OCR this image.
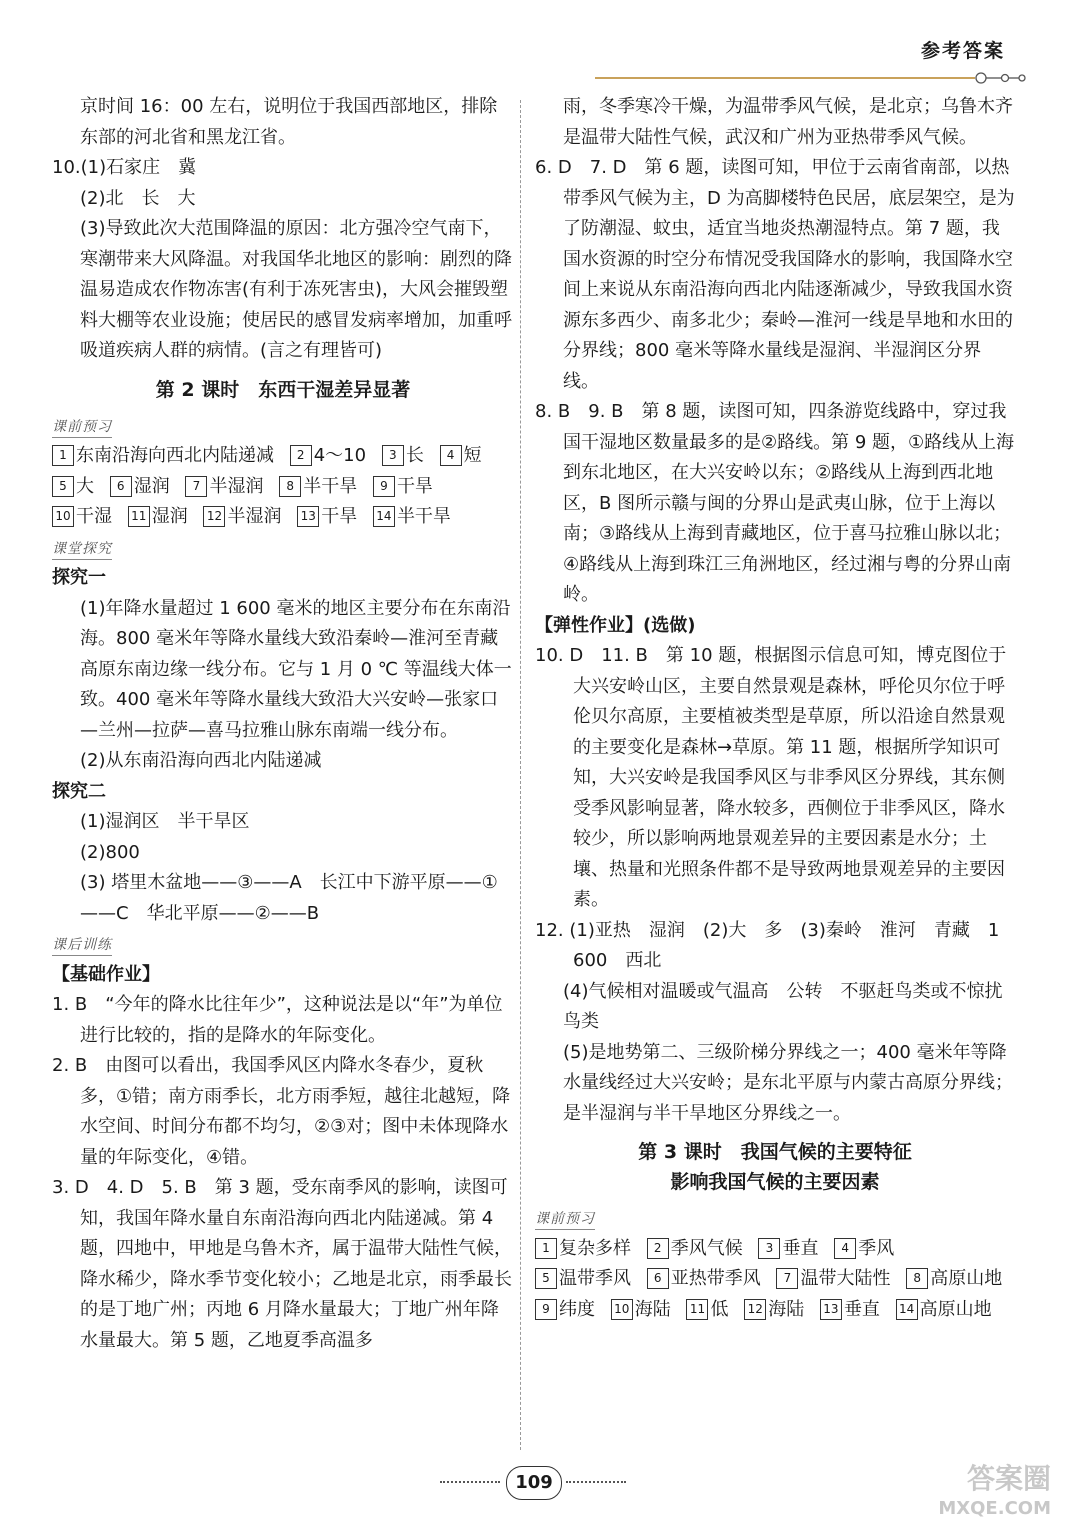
参考答案

京时间 16：00 左右，说明位于我国西部地区，排除

东部的河北省和黑龙江省。

10.(1)石家庄　冀

(2)北　长　大

(3)导致此次大范围降温的原因：北方强冷空气南下，寒潮带来大风降温。对我国华北地区的影响：剧烈的降温易造成农作物冻害(有利于冻死害虫)，大风会摧毁塑料大棚等农业设施；使居民的感冒发病率增加，加重呼吸道疾病人群的病情。(言之有理皆可)

第 2 课时　东西干湿差异显著
课前预习
1 东南沿海向西北内陆递减 2 4～10 3 长 4 短 5 大 6 湿润 7 半湿润 8 半干旱 9 干旱 10 干湿 11 湿润 12 半湿润 13 干旱 14 半干旱
课堂探究

探究一

(1)年降水量超过 1 600 毫米的地区主要分布在东南沿海。800 毫米年等降水量线大致沿秦岭—淮河至青藏高原东南边缘一线分布。它与 1 月 0 ℃ 等温线大体一致。400 毫米年等降水量线大致沿大兴安岭—张家口—兰州—拉萨—喜马拉雅山脉东南端一线分布。

(2)从东南沿海向西北内陆递减

探究二

(1)湿润区　半干旱区

(2)800

(3) 塔里木盆地——③——A　长江中下游平原——①——C　华北平原——②——B

课后训练

【基础作业】

1. B　“今年的降水比往年少”，这种说法是以“年”为单位进行比较的，指的是降水的年际变化。

2. B　由图可以看出，我国季风区内降水冬春少，夏秋多，①错；南方雨季长，北方雨季短，越往北越短，降水空间、时间分布都不均匀，②③对；图中未体现降水量的年际变化，④错。

3. D　4. D　5. B　第 3 题，受东南季风的影响，读图可知，我国年降水量自东南沿海向西北内陆递减。第 4 题，四地中，甲地是乌鲁木齐，属于温带大陆性气候，降水稀少，降水季节变化较小；乙地是北京，雨季最长的是丁地广州；丙地 6 月降水量最大；丁地广州年降水量最大。第 5 题，乙地夏季高温多

雨，冬季寒冷干燥，为温带季风气候，是北京；乌鲁木齐是温带大陆性气候，武汉和广州为亚热带季风气候。

6. D　7. D　第 6 题，读图可知，甲位于云南省南部，以热带季风气候为主，D 为高脚楼特色民居，底层架空，是为了防潮湿、蚊虫，适宜当地炎热潮湿特点。第 7 题，我国水资源的时空分布情况受我国降水的影响，我国降水空间上来说从东南沿海向西北内陆逐渐减少，导致我国水资源东多西少、南多北少；秦岭—淮河一线是旱地和水田的分界线；800 毫米等降水量线是湿润、半湿润区分界线。

8. B　9. B　第 8 题，读图可知，四条游览线路中，穿过我国干湿地区数量最多的是②路线。第 9 题，①路线从上海到东北地区，在大兴安岭以东；②路线从上海到西北地区，B 图所示赣与闽的分界山是武夷山脉，位于上海以南；③路线从上海到青藏地区，位于喜马拉雅山脉以北；④路线从上海到珠江三角洲地区，经过湘与粤的分界山南岭。

【弹性作业】(选做)

10. D　11. B　第 10 题，根据图示信息可知，博克图位于大兴安岭山区，主要自然景观是森林，呼伦贝尔位于呼伦贝尔高原，主要植被类型是草原，所以沿途自然景观的主要变化是森林→草原。第 11 题，根据所学知识可知，大兴安岭是我国季风区与非季风区分界线，其东侧受季风影响显著，降水较多，西侧位于非季风区，降水较少，所以影响两地景观差异的主要因素是水分；土壤、热量和光照条件都不是导致两地景观差异的主要因素。

12. (1)亚热　湿润　(2)大　多　(3)秦岭　淮河　青藏　1 600　西北

(4)气候相对温暖或气温高　公转　不驱赶鸟类或不惊扰鸟类

(5)是地势第二、三级阶梯分界线之一；400 毫米年等降水量线经过大兴安岭；是东北平原与内蒙古高原分界线；是半湿润与半干旱地区分界线之一。

第 3 课时　我国气候的主要特征
影响我国气候的主要因素
课前预习
1 复杂多样 2 季风气候 3 垂直 4 季风 5 温带季风 6 亚热带季风 7 温带大陆性 8 高原山地 9 纬度 10 海陆 11 低 12 海陆 13 垂直 14 高原山地
109	答案圈
MXQE.COM
